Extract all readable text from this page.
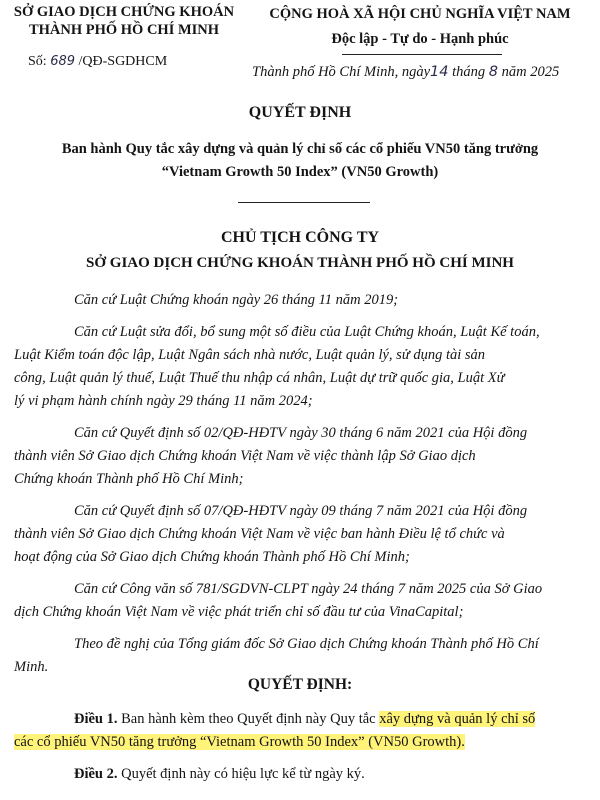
SỞ GIAO DỊCH CHỨNG KHOÁN
THÀNH PHỐ HỒ CHÍ MINH
Số: 689 /QĐ-SGDHCM
CỘNG HOÀ XÃ HỘI CHỦ NGHĨA VIỆT NAM
Độc lập - Tự do - Hạnh phúc
Thành phố Hồ Chí Minh, ngày14 tháng 8 năm 2025
QUYẾT ĐỊNH
Ban hành Quy tắc xây dựng và quản lý chỉ số các cổ phiếu VN50 tăng trưởng
“Vietnam Growth 50 Index” (VN50 Growth)
CHỦ TỊCH CÔNG TY
SỞ GIAO DỊCH CHỨNG KHOÁN THÀNH PHỐ HỒ CHÍ MINH
Căn cứ Luật Chứng khoán ngày 26 tháng 11 năm 2019;
Căn cứ Luật sửa đổi, bổ sung một số điều của Luật Chứng khoán, Luật Kế toán,
Luật Kiểm toán độc lập, Luật Ngân sách nhà nước, Luật quản lý, sử dụng tài sản
công, Luật quản lý thuế, Luật Thuế thu nhập cá nhân, Luật dự trữ quốc gia, Luật Xử
lý vi phạm hành chính ngày 29 tháng 11 năm 2024;
Căn cứ Quyết định số 02/QĐ-HĐTV ngày 30 tháng 6 năm 2021 của Hội đồng
thành viên Sở Giao dịch Chứng khoán Việt Nam về việc thành lập Sở Giao dịch
Chứng khoán Thành phố Hồ Chí Minh;
Căn cứ Quyết định số 07/QĐ-HĐTV ngày 09 tháng 7 năm 2021 của Hội đồng
thành viên Sở Giao dịch Chứng khoán Việt Nam về việc ban hành Điều lệ tổ chức và
hoạt động của Sở Giao dịch Chứng khoán Thành phố Hồ Chí Minh;
Căn cứ Công văn số 781/SGDVN-CLPT ngày 24 tháng 7 năm 2025 của Sở Giao
dịch Chứng khoán Việt Nam về việc phát triển chỉ số đầu tư của VinaCapital;
Theo đề nghị của Tổng giám đốc Sở Giao dịch Chứng khoán Thành phố Hồ Chí
Minh.
QUYẾT ĐỊNH:
Điều 1. Ban hành kèm theo Quyết định này Quy tắc xây dựng và quản lý chỉ số
các cổ phiếu VN50 tăng trưởng “Vietnam Growth 50 Index” (VN50 Growth).
Điều 2. Quyết định này có hiệu lực kể từ ngày ký.
